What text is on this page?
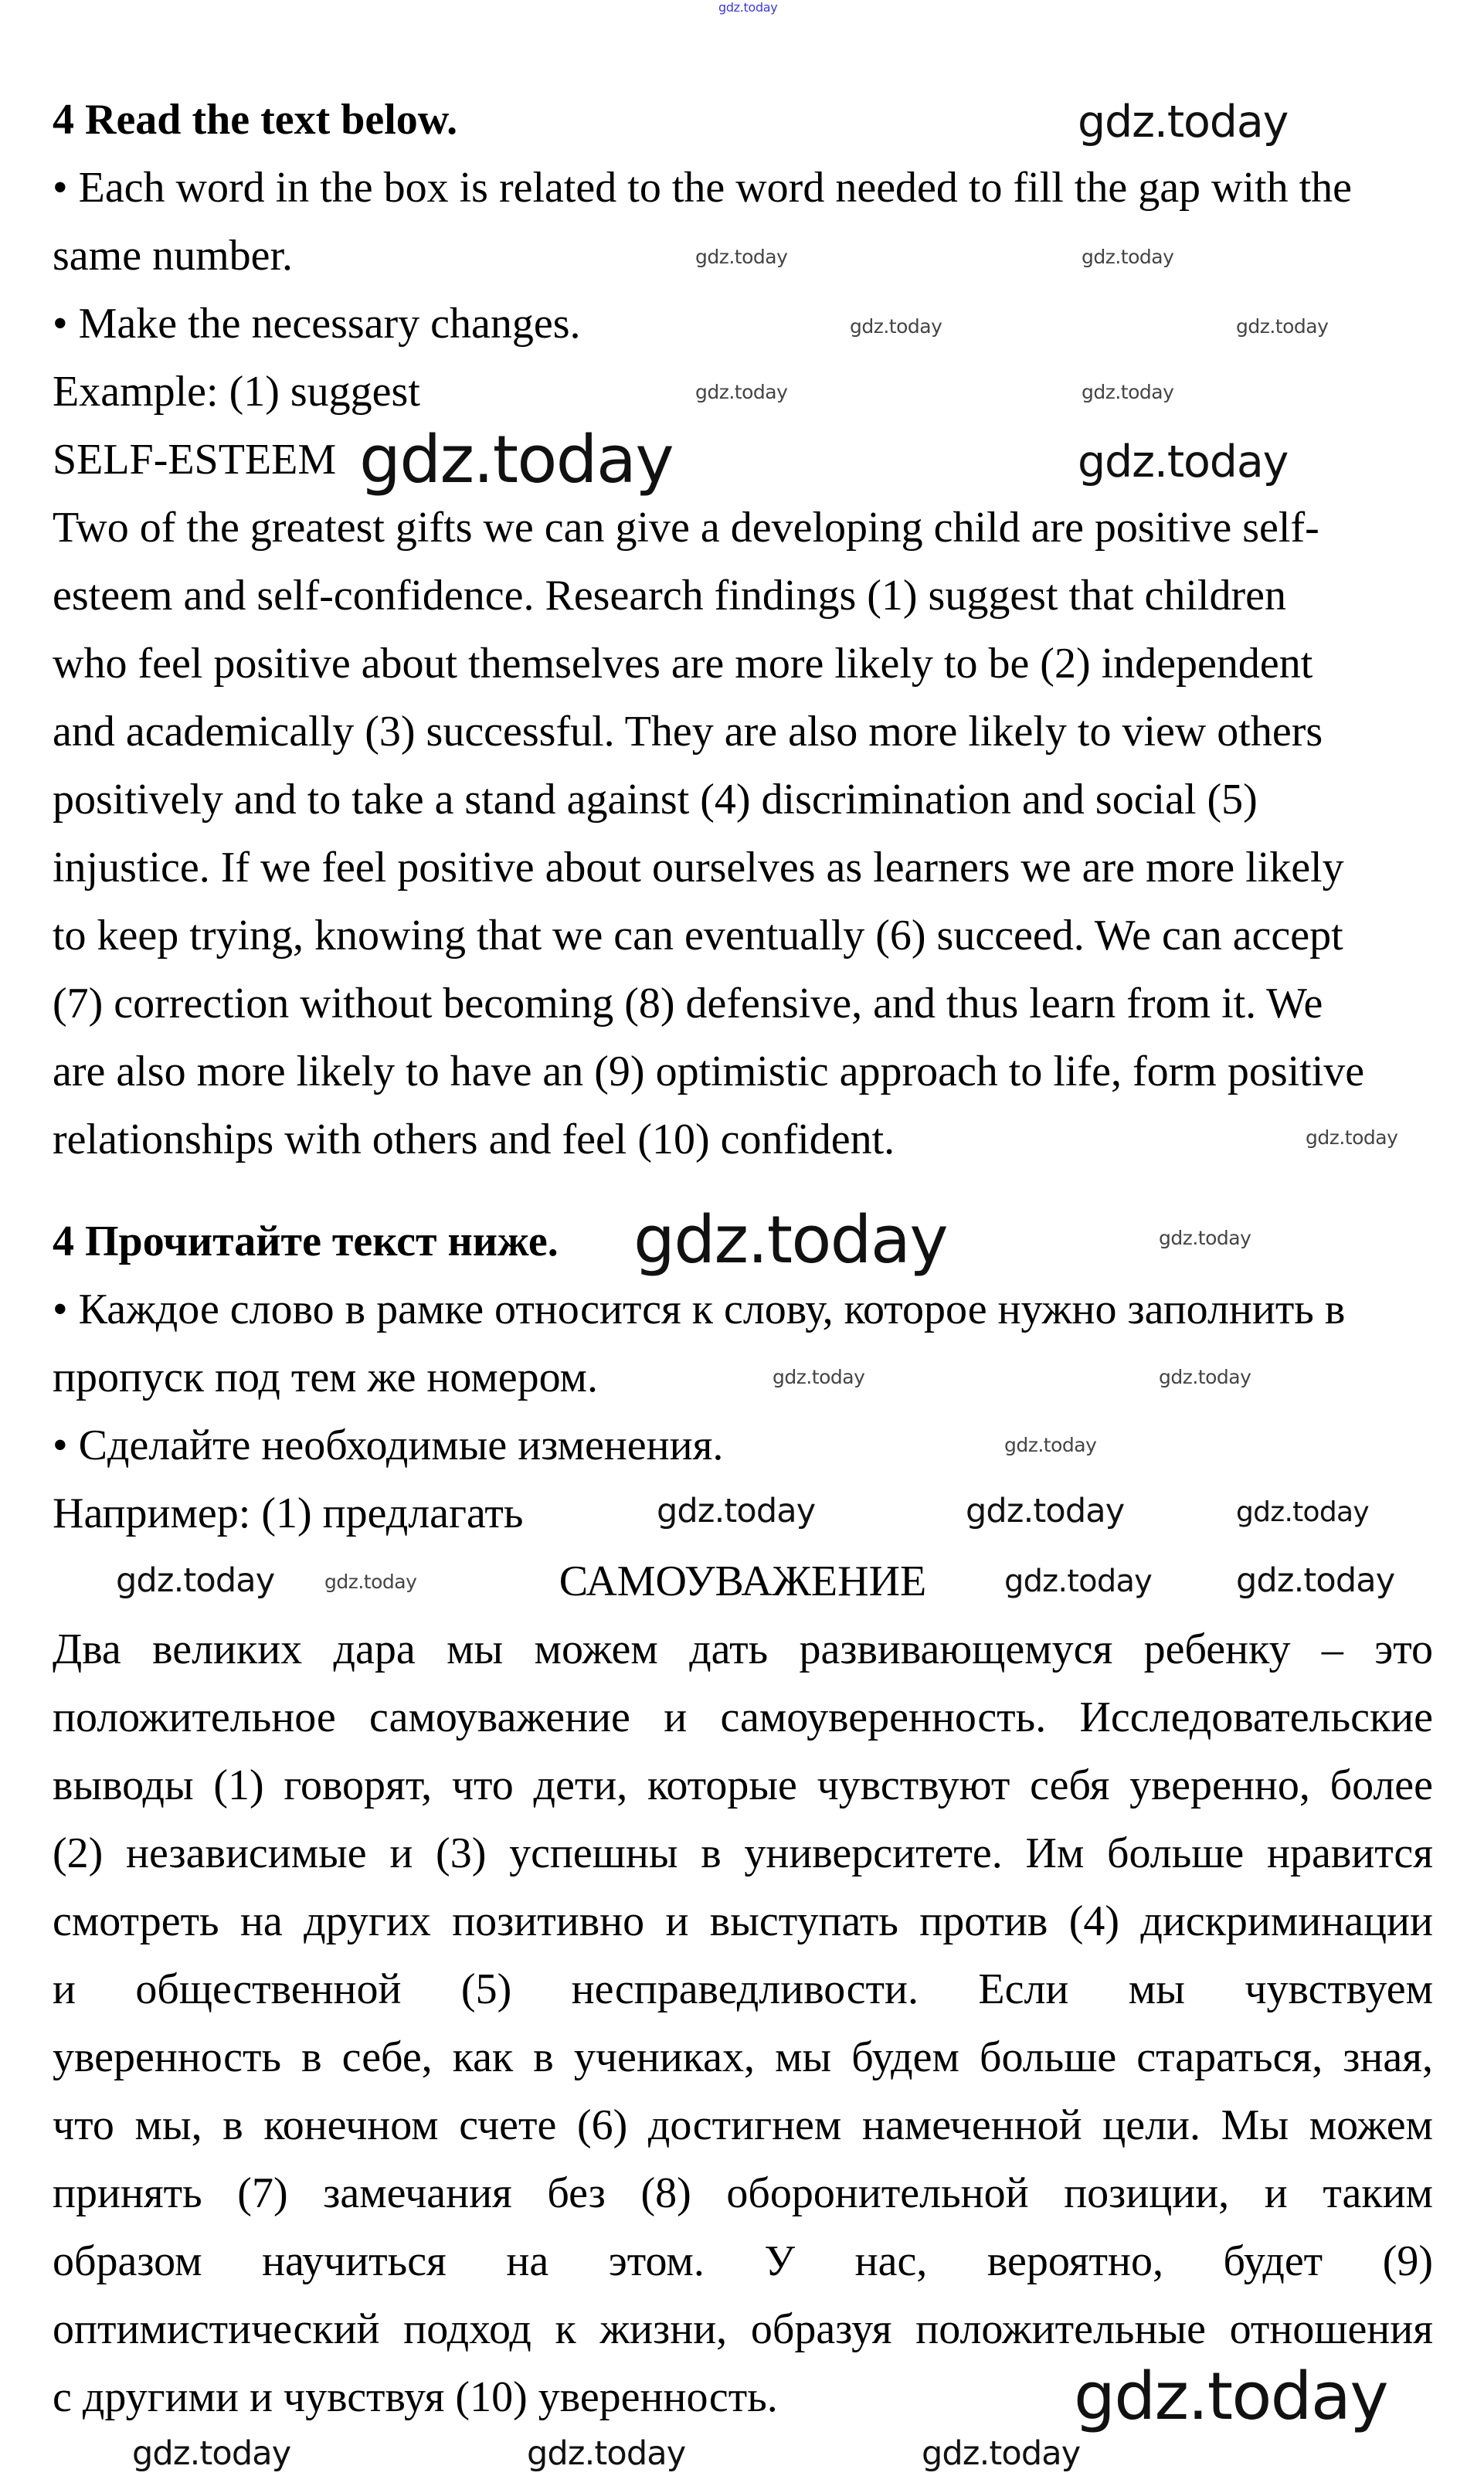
4 Read the text below.
• Each word in the box is related to the word needed to fill the gap with the
same number.
• Make the necessary changes.
Example: (1) suggest
SELF-ESTEEM
Two of the greatest gifts we can give a developing child are positive self-
esteem and self-confidence. Research findings (1) suggest that children
who feel positive about themselves are more likely to be (2) independent
and academically (3) successful. They are also more likely to view others
positively and to take a stand against (4) discrimination and social (5)
injustice. If we feel positive about ourselves as learners we are more likely
to keep trying, knowing that we can eventually (6) succeed. We can accept
(7) correction without becoming (8) defensive, and thus learn from it. We
are also more likely to have an (9) optimistic approach to life, form positive
relationships with others and feel (10) confident.
4 Прочитайте текст ниже.
• Каждое слово в рамке относится к слову, которое нужно заполнить в
пропуск под тем же номером.
• Сделайте необходимые изменения.
Например: (1) предлагать
САМОУВАЖЕНИЕ
Два великих дара мы можем дать развивающемуся ребенку – это
положительное самоуважение и самоуверенность. Исследовательские
выводы (1) говорят, что дети, которые чувствуют себя уверенно, более
(2) независимые и (3) успешны в университете. Им больше нравится
смотреть на других позитивно и выступать против (4) дискриминации
и общественной (5) несправедливости. Если мы чувствуем
уверенность в себе, как в учениках, мы будем больше стараться, зная,
что мы, в конечном счете (6) достигнем намеченной цели. Мы можем
принять (7) замечания без (8) оборонительной позиции, и таким
образом научиться на этом. У нас, вероятно, будет (9)
оптимистический подход к жизни, образуя положительные отношения
с другими и чувствуя (10) уверенность.
gdz.today
gdz.today
gdz.today	gdz.today
gdz.today	gdz.today
gdz.today	gdz.today
gdz.today	gdz.today
gdz.today
gdz.today	gdz.today
gdz.today	gdz.today
gdz.today
gdz.today	gdz.today
gdz.today
gdz.today
gdz.today	gdz.today
gdz.today
gdz.today
gdz.today	gdz.today
gdz.today
